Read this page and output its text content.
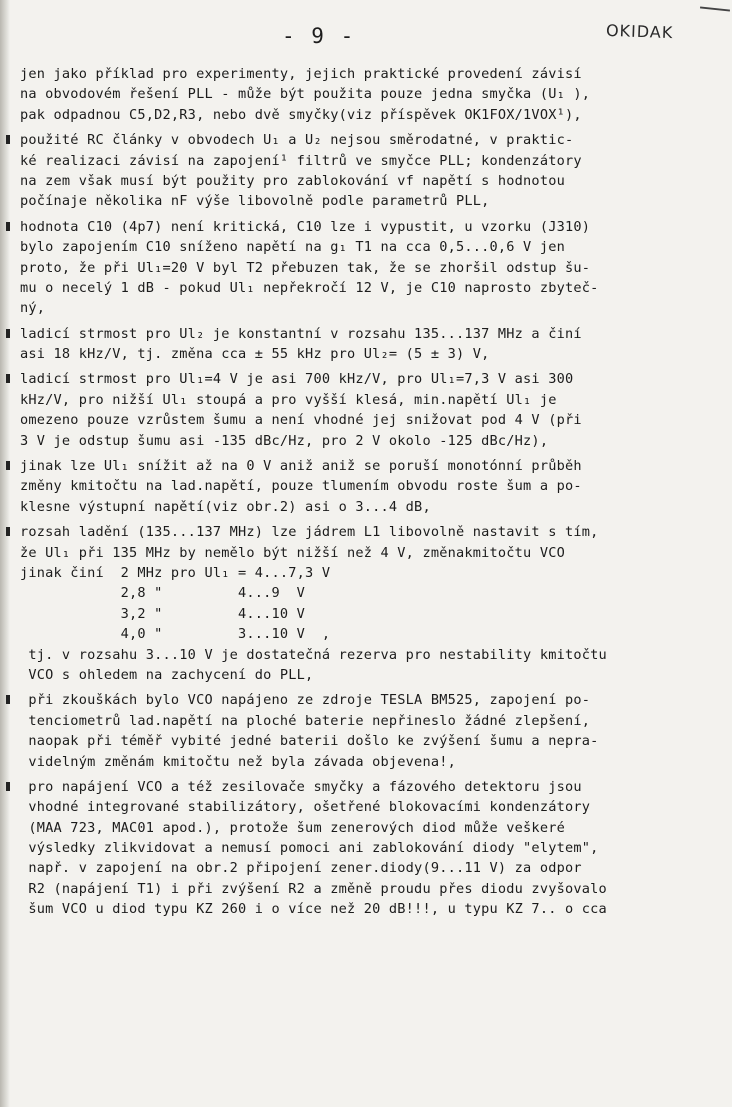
- 9 -	OKIDAK
jen jako příklad pro experimenty, jejich praktické provedení závisí
na obvodovém řešení PLL - může být použita pouze jedna smyčka (U₁ ),
pak odpadnou C5,D2,R3, nebo dvě smyčky(viz příspěvek OK1FOX/1VOX¹),
použité RC články v obvodech U₁ a U₂ nejsou směrodatné, v praktic-
ké realizaci závisí na zapojení¹ filtrů ve smyčce PLL; kondenzátory
na zem však musí být použity pro zablokování vf napětí s hodnotou
počínaje několika nF výše libovolně podle parametrů PLL,
hodnota C10 (4p7) není kritická, C10 lze i vypustit, u vzorku (J310)
bylo zapojením C10 sníženo napětí na g₁ T1 na cca 0,5...0,6 V jen
proto, že při Ul₁=20 V byl T2 přebuzen tak, že se zhoršil odstup šu-
mu o necelý 1 dB - pokud Ul₁ nepřekročí 12 V, je C10 naprosto zbyteč-
ný,
ladicí strmost pro Ul₂ je konstantní v rozsahu 135...137 MHz a činí
asi 18 kHz/V, tj. změna cca ± 55 kHz pro Ul₂= (5 ± 3) V,
ladicí strmost pro Ul₁=4 V je asi 700 kHz/V, pro Ul₁=7,3 V asi 300
kHz/V, pro nižší Ul₁ stoupá a pro vyšší klesá, min.napětí Ul₁ je
omezeno pouze vzrůstem šumu a není vhodné jej snižovat pod 4 V (při
3 V je odstup šumu asi -135 dBc/Hz, pro 2 V okolo -125 dBc/Hz),
jinak lze Ul₁ snížit až na 0 V aniž aniž se poruší monotónní průběh
změny kmitočtu na lad.napětí, pouze tlumením obvodu roste šum a po-
klesne výstupní napětí(viz obr.2) asi o 3...4 dB,
rozsah ladění (135...137 MHz) lze jádrem L1 libovolně nastavit s tím,
že Ul₁ při 135 MHz by nemělo být nižší než 4 V, změnakmitočtu VCO
jinak činí  2 MHz pro Ul₁ = 4...7,3 V
2,8 "         4...9  V
3,2 "         4...10 V
4,0 "         3...10 V  ,
tj. v rozsahu 3...10 V je dostatečná rezerva pro nestability kmitočtu
VCO s ohledem na zachycení do PLL,
při zkouškách bylo VCO napájeno ze zdroje TESLA BM525, zapojení po-
tenciometrů lad.napětí na ploché baterie nepřineslo žádné zlepšení,
naopak při téměř vybité jedné baterii došlo ke zvýšení šumu a nepra-
videlným změnám kmitočtu než byla závada objevena!,
pro napájení VCO a též zesilovače smyčky a fázového detektoru jsou
vhodné integrované stabilizátory, ošetřené blokovacími kondenzátory
(MAA 723, MAC01 apod.), protože šum zenerových diod může veškeré
výsledky zlikvidovat a nemusí pomoci ani zablokování diody "elytem",
např. v zapojení na obr.2 připojení zener.diody(9...11 V) za odpor
R2 (napájení T1) i při zvýšení R2 a změně proudu přes diodu zvyšovalo
šum VCO u diod typu KZ 260 i o více než 20 dB!!!, u typu KZ 7.. o cca
